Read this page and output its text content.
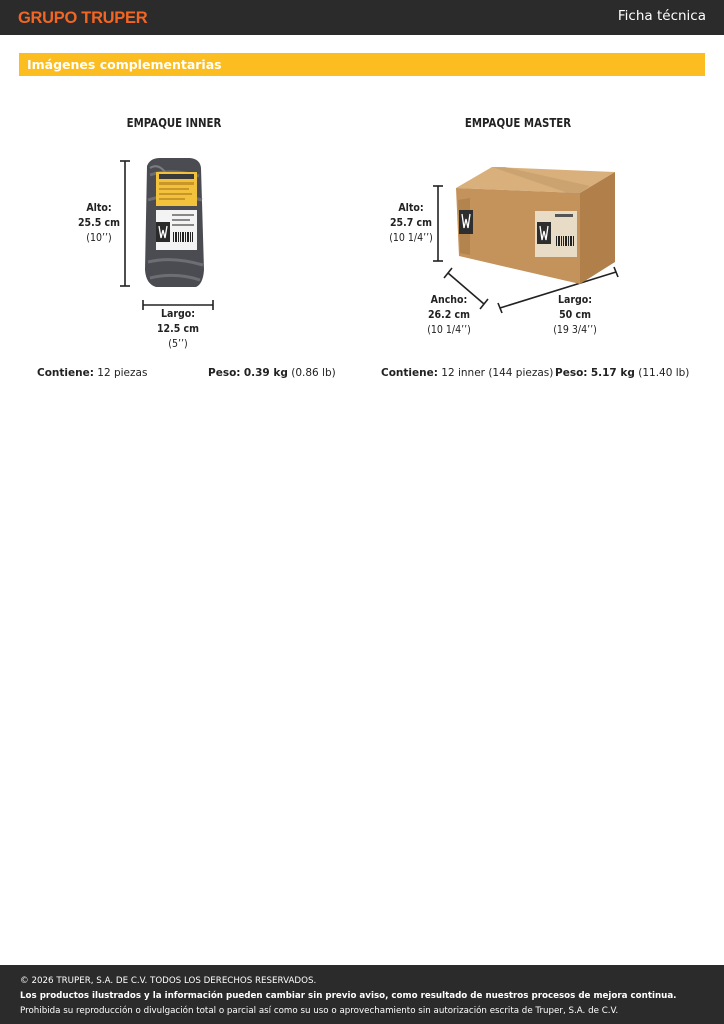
GRUPO TRUPER	Ficha técnica
Imágenes complementarias
EMPAQUE INNER	EMPAQUE MASTER
Alto:
25.5 cm
(10’’)
Largo:
12.5 cm
(5’’)
Alto:
25.7 cm
(10 1/4’’)
Ancho:
26.2 cm
(10 1/4’’)
Largo:
50 cm
(19 3/4’’)
Contiene: 12 piezas	Peso: 0.39 kg (0.86 lb)	Contiene: 12 inner (144 piezas) Peso: 5.17 kg (11.40 lb)
© 2026 TRUPER, S.A. DE C.V. TODOS LOS DERECHOS RESERVADOS.
Los productos ilustrados y la información pueden cambiar sin previo aviso, como resultado de nuestros procesos de mejora continua.
Prohibida su reproducción o divulgación total o parcial así como su uso o aprovechamiento sin autorización escrita de Truper, S.A. de C.V.
